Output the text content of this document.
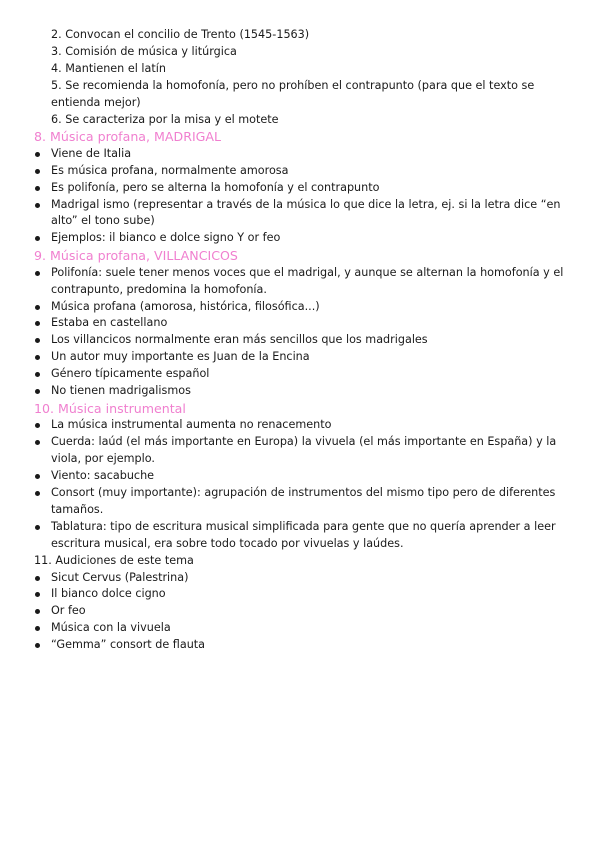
2. Convocan el concilio de Trento (1545-1563)
3. Comisión de música y litúrgica
4. Mantienen el latín
5. Se recomienda la homofonía, pero no prohíben el contrapunto (para que el texto se entienda mejor)
6. Se caracteriza por la misa y el motete
8. Música profana, MADRIGAL
Viene de Italia
Es música profana, normalmente amorosa
Es polifonía, pero se alterna la homofonía y el contrapunto
Madrigal ismo (representar a través de la música lo que dice la letra, ej. si la letra dice “en alto” el tono sube)
Ejemplos: il bianco e dolce signo Y or feo
9. Música profana, VILLANCICOS
Polifonía: suele tener menos voces que el madrigal, y aunque se alternan la homofonía y el contrapunto, predomina la homofonía.
Música profana (amorosa, histórica, filosófica...)
Estaba en castellano
Los villancicos normalmente eran más sencillos que los madrigales
Un autor muy importante es Juan de la Encina
Género típicamente español
No tienen madrigalismos
10. Música instrumental
La música instrumental aumenta no renacemento
Cuerda: laúd (el más importante en Europa) la vivuela (el más importante en España) y la viola, por ejemplo.
Viento: sacabuche
Consort (muy importante): agrupación de instrumentos del mismo tipo pero de diferentes tamaños.
Tablatura: tipo de escritura musical simplificada para gente que no quería aprender a leer escritura musical, era sobre todo tocado por vivuelas y laúdes.
11. Audiciones de este tema
Sicut Cervus (Palestrina)
Il bianco dolce cigno
Or feo
Música con la vivuela
“Gemma” consort de flauta
